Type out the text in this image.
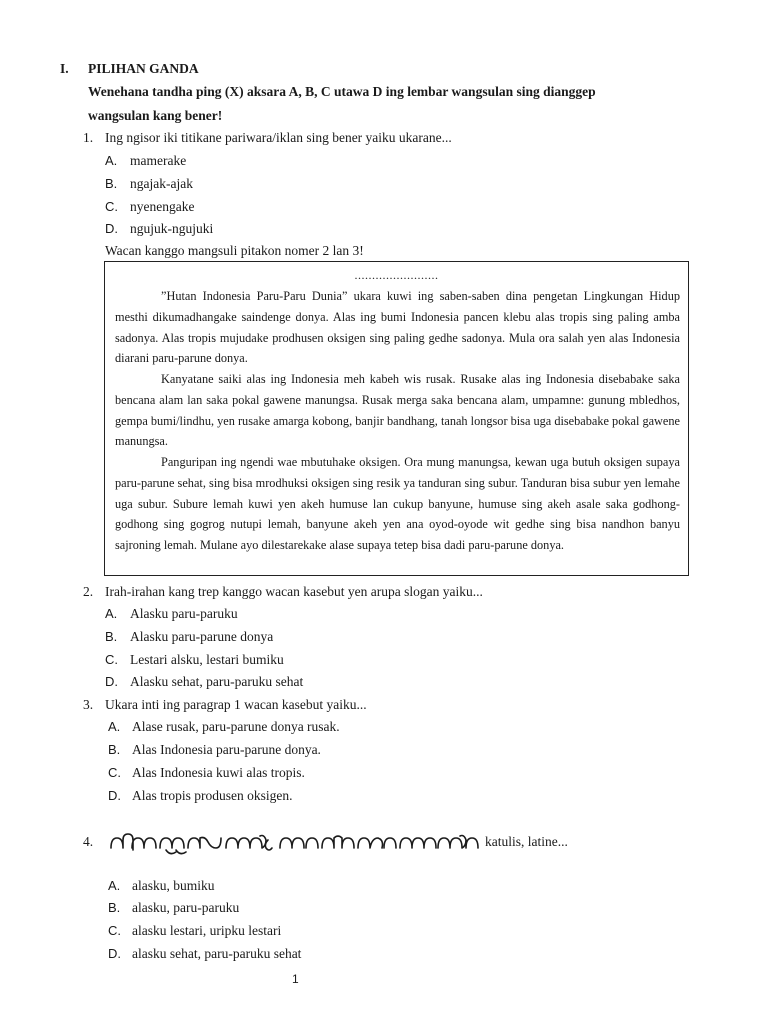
I. PILIHAN GANDA
Wenehana tandha ping (X) aksara A, B, C utawa D ing lembar wangsulan sing dianggep
wangsulan kang bener!
1. Ing ngisor iki titikane pariwara/iklan sing bener yaiku ukarane...
A. mamerake
B. ngajak-ajak
C. nyenengake
D. ngujuk-ngujuki
Wacan kanggo mangsuli pitakon nomer 2 lan 3!
........................
”Hutan Indonesia Paru-Paru Dunia” ukara kuwi ing saben-saben dina pengetan Lingkungan Hidup mesthi dikumadhangake saindenge donya. Alas ing bumi Indonesia pancen klebu alas tropis sing paling amba sadonya. Alas tropis mujudake prodhusen oksigen sing paling gedhe sadonya. Mula ora salah yen alas Indonesia diarani paru-parune donya.
Kanyatane saiki alas ing Indonesia meh kabeh wis rusak. Rusake alas ing Indonesia disebabake saka bencana alam lan saka pokal gawene manungsa. Rusak merga saka bencana alam, umpamne: gunung mbledhos, gempa bumi/lindhu, yen rusake amarga kobong, banjir bandhang, tanah longsor bisa uga disebabake pokal gawene manungsa.
Panguripan ing ngendi wae mbutuhake oksigen. Ora mung manungsa, kewan uga butuh oksigen supaya paru-parune sehat, sing bisa mrodhuksi oksigen sing resik ya tanduran sing subur. Tanduran bisa subur yen lemahe uga subur. Subure lemah kuwi yen akeh humuse lan cukup banyune, humuse sing akeh asale saka godhong-godhong sing gogrog nutupi lemah, banyune akeh yen ana oyod-oyode wit gedhe sing bisa nandhon banyu sajroning lemah. Mulane ayo dilestarekake alase supaya tetep bisa dadi paru-parune donya.
2. Irah-irahan kang trep kanggo wacan kasebut yen arupa slogan yaiku...
A. Alasku paru-paruku
B. Alasku paru-parune donya
C. Lestari alsku, lestari bumiku
D. Alasku sehat, paru-paruku sehat
3. Ukara inti ing paragrap 1 wacan kasebut yaiku...
A. Alase rusak, paru-parune donya rusak.
B. Alas Indonesia paru-parune donya.
C. Alas Indonesia kuwi alas tropis.
D. Alas tropis produsen oksigen.
4.	katulis, latine...
A. alasku, bumiku
B. alasku, paru-paruku
C. alasku lestari, uripku lestari
D. alasku sehat, paru-paruku sehat
1
